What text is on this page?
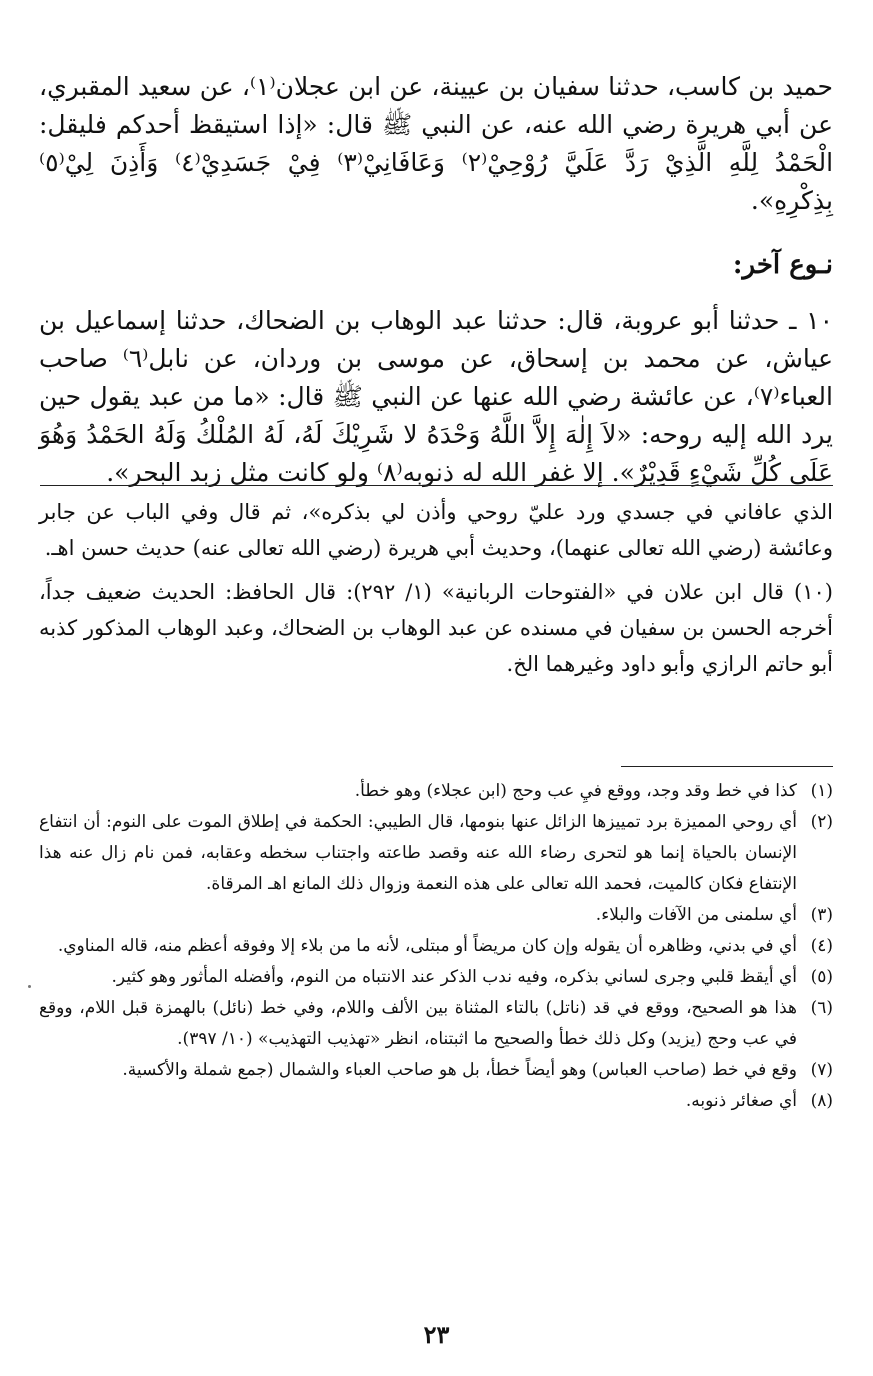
حميد بن كاسب، حدثنا سفيان بن عيينة، عن ابن عجلان⁽١⁾، عن سعيد المقبري، عن أبي هريرة رضي الله عنه، عن النبي ﷺ قال: «إذا استيقظ أحدكم فليقل: الْحَمْدُ لِلَّهِ الَّذِيْ رَدَّ عَلَيَّ رُوْحِيْ⁽٢⁾ وَعَافَانِيْ⁽٣⁾ فِيْ جَسَدِيْ⁽٤⁾ وَأَذِنَ لِيْ⁽٥⁾ بِذِكْرِهِ».

نـوع آخر:

١٠ ـ حدثنا أبو عروبة، قال: حدثنا عبد الوهاب بن الضحاك، حدثنا إسماعيل بن عياش، عن محمد بن إسحاق، عن موسى بن وردان، عن نابل⁽٦⁾ صاحب العباء⁽٧⁾، عن عائشة رضي الله عنها عن النبي ﷺ قال: «ما من عبد يقول حين يرد الله إليه روحه: «لاَ إِلٰهَ إِلاَّ اللَّهُ وَحْدَهُ لا شَرِيْكَ لَهُ، لَهُ المُلْكُ وَلَهُ الحَمْدُ وَهُوَ عَلَى كُلِّ شَيْءٍ قَدِيْرٌ». إلا غفر الله له ذنوبه⁽٨⁾ ولو كانت مثل زبد البحر».

الذي عافاني في جسدي ورد عليّ روحي وأذن لي بذكره»، ثم قال وفي الباب عن جابر وعائشة (رضي الله تعالى عنهما)، وحديث أبي هريرة (رضي الله تعالى عنه) حديث حسن اهـ.

(١٠) قال ابن علان في «الفتوحات الربانية» (١/ ٢٩٢): قال الحافظ: الحديث ضعيف جداً، أخرجه الحسن بن سفيان في مسنده عن عبد الوهاب بن الضحاك، وعبد الوهاب المذكور كذبه أبو حاتم الرازي وأبو داود وغيرهما الخ.

(١)
كذا في خط وقد وجد، ووقع فيِ عب وحج (ابن عجلاء) وهو خطأ.
(٢)
أي روحي المميزة برد تمييزها الزائل عنها بنومها، قال الطيبي: الحكمة في إطلاق الموت على النوم: أن انتفاع الإنسان بالحياة إنما هو لتحرى رضاء الله عنه وقصد طاعته واجتناب سخطه وعقابه، فمن نام زال عنه هذا الإنتفاع فكان كالميت، فحمد الله تعالى على هذه النعمة وزوال ذلك المانع اهـ المرقاة.
(٣)
أي سلمنى من الآفات والبلاء.
(٤)
أي في بدني، وظاهره أن يقوله وإن كان مريضاً أو مبتلى، لأنه ما من بلاء إلا وفوقه أعظم منه، قاله المناوي.
(٥)
أي أيقظ قلبي وجرى لساني بذكره، وفيه ندب الذكر عند الانتباه من النوم، وأفضله المأثور وهو كثير.
(٦)
هذا هو الصحيح، ووقع في قد (ناتل) بالتاء المثناة بين الألف واللام، وفي خط (نائل) بالهمزة قبل اللام، ووقع في عب وحج (يزيد) وكل ذلك خطأ والصحيح ما اثبتناه، انظر «تهذيب التهذيب» (١٠/ ٣٩٧).
(٧)
وقع في خط (صاحب العباس) وهو أيضاً خطأ، بل هو صاحب العباء والشمال (جمع شملة والأكسية.
(٨)
أي صغائر ذنوبه.
٢٣
